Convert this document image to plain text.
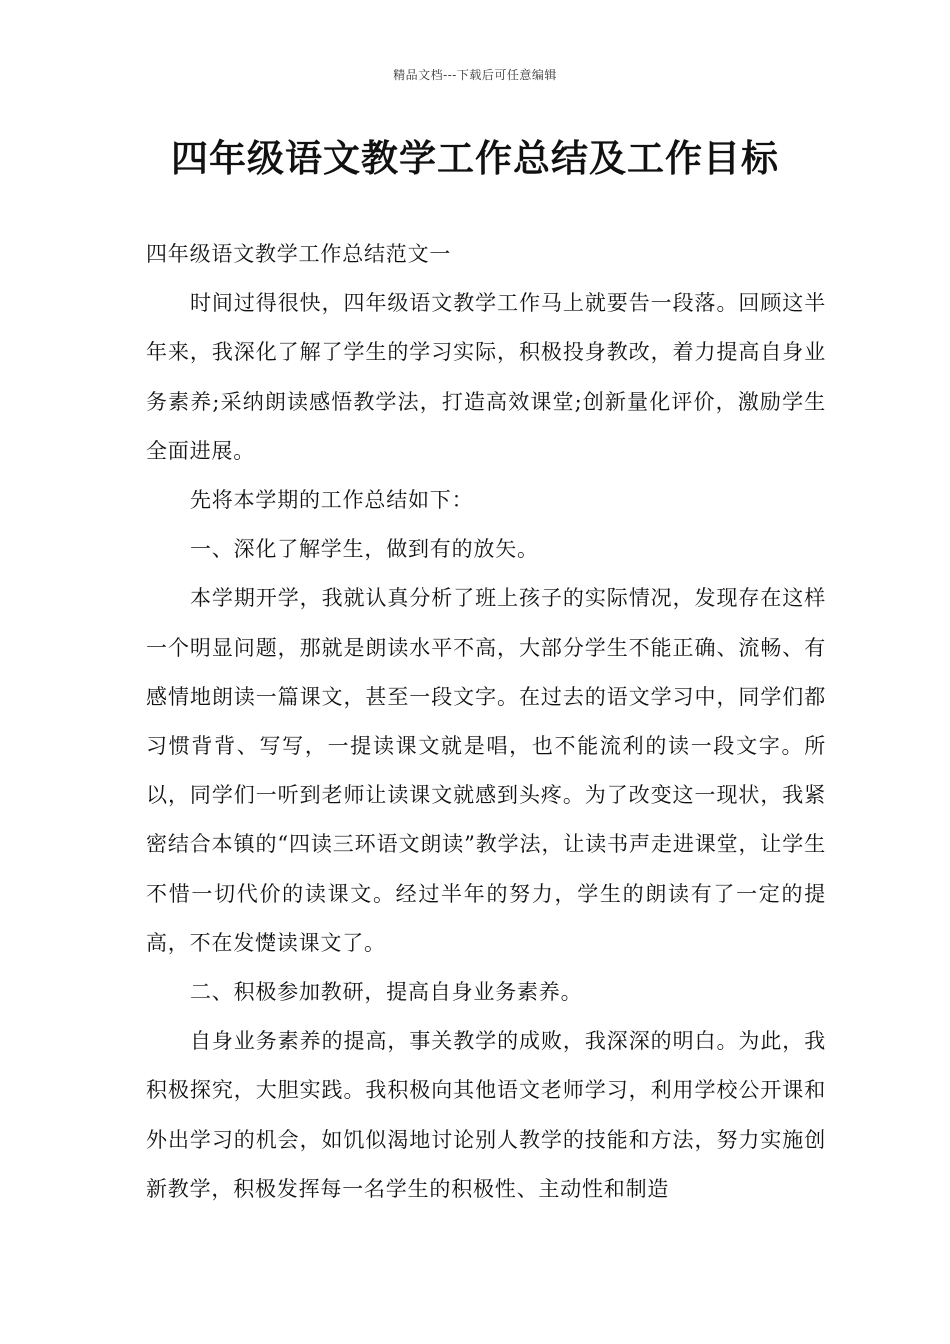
精品文档---下载后可任意编辑
四年级语文教学工作总结及工作目标

四年级语文教学工作总结范文一

时间过得很快，四年级语文教学工作马上就要告一段落。回顾这半年来，我深化了解了学生的学习实际，积极投身教改，着力提高自身业务素养;采纳朗读感悟教学法，打造高效课堂;创新量化评价，激励学生全面进展。

先将本学期的工作总结如下：

一、深化了解学生，做到有的放矢。

本学期开学，我就认真分析了班上孩子的实际情况，发现存在这样一个明显问题，那就是朗读水平不高，大部分学生不能正确、流畅、有感情地朗读一篇课文，甚至一段文字。在过去的语文学习中，同学们都习惯背背、写写，一提读课文就是唱，也不能流利的读一段文字。所以，同学们一听到老师让读课文就感到头疼。为了改变这一现状，我紧密结合本镇的“四读三环语文朗读”教学法，让读书声走进课堂，让学生不惜一切代价的读课文。经过半年的努力，学生的朗读有了一定的提高，不在发憷读课文了。

二、积极参加教研，提高自身业务素养。

自身业务素养的提高，事关教学的成败，我深深的明白。为此，我积极探究，大胆实践。我积极向其他语文老师学习，利用学校公开课和外出学习的机会，如饥似渴地讨论别人教学的技能和方法，努力实施创新教学，积极发挥每一名学生的积极性、主动性和制造
